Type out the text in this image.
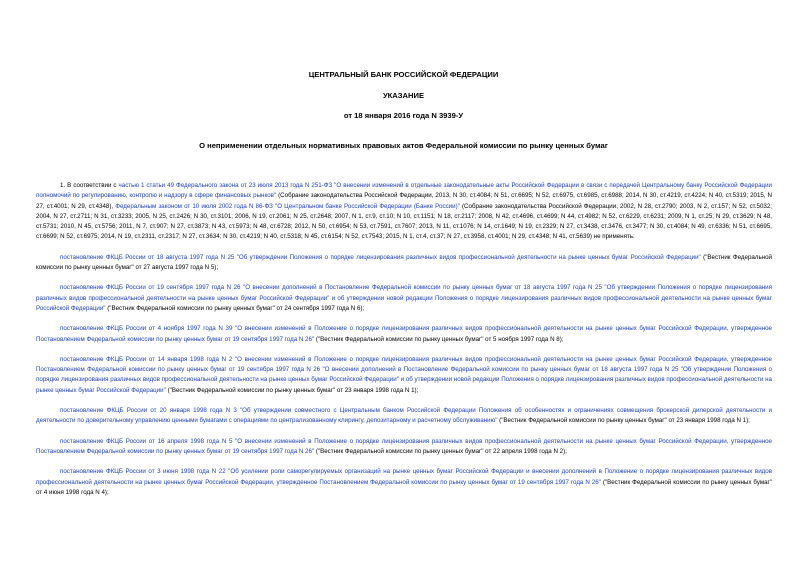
ЦЕНТРАЛЬНЫЙ БАНК РОССИЙСКОЙ ФЕДЕРАЦИИ
УКАЗАНИЕ
от 18 января 2016 года N 3939-У
О неприменении отдельных нормативных правовых актов Федеральной комиссии по рынку ценных бумаг

1. В соответствии с частью 1 статьи 49 Федерального закона от 23 июля 2013 года N 251-ФЗ "О внесении изменений в отдельные законодательные акты Российской Федерации в связи с передачей Центральному банку Российской Федерации полномочий по регулированию, контролю и надзору в сфере финансовых рынков" (Собрание законодательства Российской Федерации, 2013, N 30, ст.4084; N 51, ст.6695; N 52, ст.6975, ст.6985, ст.6988; 2014, N 30, ст.4219, ст.4224; N 40, ст.5319; 2015, N 27, ст.4001; N 29, ст.4348), Федеральным законом от 10 июля 2002 года N 86-ФЗ "О Центральном банке Российской Федерации (Банке России)" (Собрание законодательства Российской Федерации, 2002, N 28, ст.2790; 2003, N 2, ст.157; N 52, ст.5032; 2004, N 27, ст.2711; N 31, ст.3233; 2005, N 25, ст.2426; N 30, ст.3101; 2006, N 19, ст.2061; N 25, ст.2648; 2007, N 1, ст.9, ст.10; N 10, ст.1151; N 18, ст.2117; 2008, N 42, ст.4696, ст.4699; N 44, ст.4982; N 52, ст.6229, ст.6231; 2009, N 1, ст.25; N 29, ст.3629; N 48, ст.5731; 2010, N 45, ст.5756; 2011, N 7, ст.907; N 27, ст.3873; N 43, ст.5973; N 48, ст.6728; 2012, N 50, ст.6954; N 53, ст.7591, ст.7607; 2013, N 11, ст.1076; N 14, ст.1649; N 19, ст.2329; N 27, ст.3438, ст.3476, ст.3477; N 30, ст.4084; N 49, ст.6336; N 51, ст.6695, ст.6699; N 52, ст.6975; 2014, N 19, ст.2311, ст.2317; N 27, ст.3634; N 30, ст.4219; N 40, ст.5318; N 45, ст.6154; N 52, ст.7543; 2015, N 1, ст.4, ст.37; N 27, ст.3958, ст.4001; N 29, ст.4348; N 41, ст.5639) не применять:

постановление ФКЦБ России от 18 августа 1997 года N 25 "Об утверждении Положения о порядке лицензирования различных видов профессиональной деятельности на рынке ценных бумаг Российской Федерации" ("Вестник Федеральной комиссии по рынку ценных бумаг" от 27 августа 1997 года N 5);

постановление ФКЦБ России от 19 сентября 1997 года N 26 "О внесении дополнений в Постановление Федеральной комиссии по рынку ценных бумаг от 18 августа 1997 года N 25 "Об утверждении Положения о порядке лицензирования различных видов профессиональной деятельности на рынке ценных бумаг Российской Федерации" и об утверждении новой редакции Положения о порядке лицензирования различных видов профессиональной деятельности на рынке ценных бумаг Российской Федерации" ("Вестник Федеральной комиссии по рынку ценных бумаг" от 24 сентября 1997 года N 6);

постановление ФКЦБ России от 4 ноября 1997 года N 39 "О внесении изменений в Положение о порядке лицензирования различных видов профессиональной деятельности на рынке ценных бумаг Российской Федерации, утвержденное Постановлением Федеральной комиссии по рынку ценных бумаг от 19 сентября 1997 года N 26" ("Вестник Федеральной комиссии по рынку ценных бумаг" от 5 ноября 1997 года N 8);

постановление ФКЦБ России от 14 января 1998 года N 2 "О внесении изменений в Положение о порядке лицензирования различных видов профессиональной деятельности на рынке ценных бумаг Российской Федерации, утвержденное Постановлением Федеральной комиссии по рынку ценных бумаг от 19 сентября 1997 года N 26 "О внесении дополнений в Постановление Федеральной комиссии по рынку ценных бумаг от 18 августа 1997 года N 25 "Об утверждении Положения о порядке лицензирования различных видов профессиональной деятельности на рынке ценных бумаг Российской Федерации" и об утверждении новой редакции Положения о порядке лицензирования различных видов профессиональной деятельности на рынке ценных бумаг Российской Федерации" ("Вестник Федеральной комиссии по рынку ценных бумаг" от 23 января 1998 года N 1);

постановление ФКЦБ России от 20 января 1998 года N 3 "Об утверждении совместного с Центральным банком Российской Федерации Положения об особенностях и ограничениях совмещения брокерской дилерской деятельности и деятельности по доверительному управлению ценными бумагами с операциями по централизованному клирингу, депозитарному и расчетному обслуживанию" ("Вестник Федеральной комиссии по рынку ценных бумаг" от 23 января 1998 года N 1);

постановление ФКЦБ России от 16 апреля 1998 года N 5 "О внесении изменений в Положение о порядке лицензирования различных видов профессиональной деятельности на рынке ценных бумаг Российской Федерации, утвержденное Постановлением Федеральной комиссии по рынку ценных бумаг от 19 сентября 1997 года N 26" ("Вестник Федеральной комиссии по рынку ценных бумаг" от 22 апреля 1998 года N 2);

постановление ФКЦБ России от 3 июня 1998 года N 22 "Об усилении роли саморегулируемых организаций на рынке ценных бумаг Российской Федерации и внесении дополнений в Положение о порядке лицензирования различных видов профессиональной деятельности на рынке ценных бумаг Российской Федерации, утвержденное Постановлением Федеральной комиссии по рынку ценных бумаг от 19 сентября 1997 года N 26" ("Вестник Федеральной комиссии по рынку ценных бумаг" от 4 июня 1998 года N 4);
